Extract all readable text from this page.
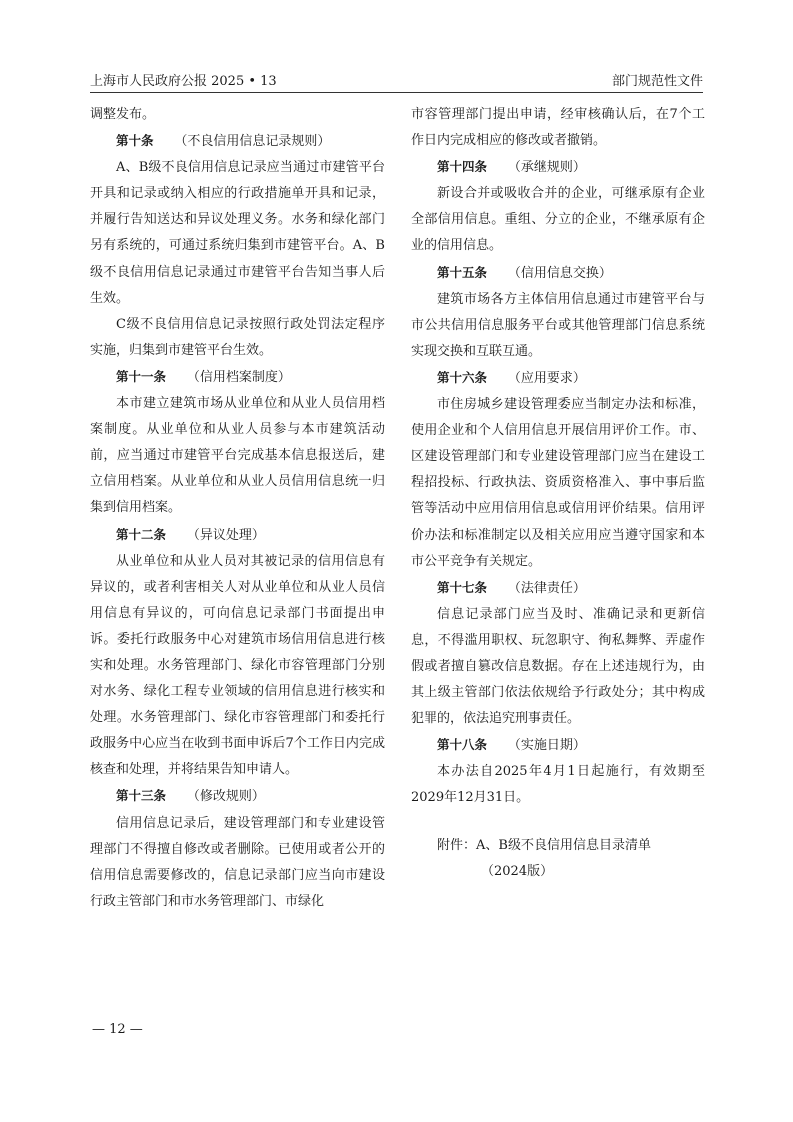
上海市人民政府公报 2025 • 13	部门规范性文件

调整发布。

第十条 （不良信用信息记录规则）

A、B级不良信用信息记录应当通过市建管平台开具和记录或纳入相应的行政措施单开具和记录，并履行告知送达和异议处理义务。水务和绿化部门另有系统的，可通过系统归集到市建管平台。A、B级不良信用信息记录通过市建管平台告知当事人后生效。

C级不良信用信息记录按照行政处罚法定程序实施，归集到市建管平台生效。

第十一条 （信用档案制度）

本市建立建筑市场从业单位和从业人员信用档案制度。从业单位和从业人员参与本市建筑活动前，应当通过市建管平台完成基本信息报送后，建立信用档案。从业单位和从业人员信用信息统一归集到信用档案。

第十二条 （异议处理）

从业单位和从业人员对其被记录的信用信息有异议的，或者利害相关人对从业单位和从业人员信用信息有异议的，可向信息记录部门书面提出申诉。委托行政服务中心对建筑市场信用信息进行核实和处理。水务管理部门、绿化市容管理部门分别对水务、绿化工程专业领域的信用信息进行核实和处理。水务管理部门、绿化市容管理部门和委托行政服务中心应当在收到书面申诉后7个工作日内完成核查和处理，并将结果告知申请人。

第十三条 （修改规则）

信用信息记录后，建设管理部门和专业建设管理部门不得擅自修改或者删除。已使用或者公开的信用信息需要修改的，信息记录部门应当向市建设行政主管部门和市水务管理部门、市绿化

市容管理部门提出申请，经审核确认后，在7个工作日内完成相应的修改或者撤销。

第十四条 （承继规则）

新设合并或吸收合并的企业，可继承原有企业全部信用信息。重组、分立的企业，不继承原有企业的信用信息。

第十五条 （信用信息交换）

建筑市场各方主体信用信息通过市建管平台与市公共信用信息服务平台或其他管理部门信息系统实现交换和互联互通。

第十六条 （应用要求）

市住房城乡建设管理委应当制定办法和标准，使用企业和个人信用信息开展信用评价工作。市、区建设管理部门和专业建设管理部门应当在建设工程招投标、行政执法、资质资格准入、事中事后监管等活动中应用信用信息或信用评价结果。信用评价办法和标准制定以及相关应用应当遵守国家和本市公平竞争有关规定。

第十七条 （法律责任）

信息记录部门应当及时、准确记录和更新信息，不得滥用职权、玩忽职守、徇私舞弊、弄虚作假或者擅自篡改信息数据。存在上述违规行为，由其上级主管部门依法依规给予行政处分；其中构成犯罪的，依法追究刑事责任。

第十八条 （实施日期）

本办法自2025年4月1日起施行，有效期至2029年12月31日。

附件：A、B级不良信用信息目录清单
（2024版）

— 12 —
